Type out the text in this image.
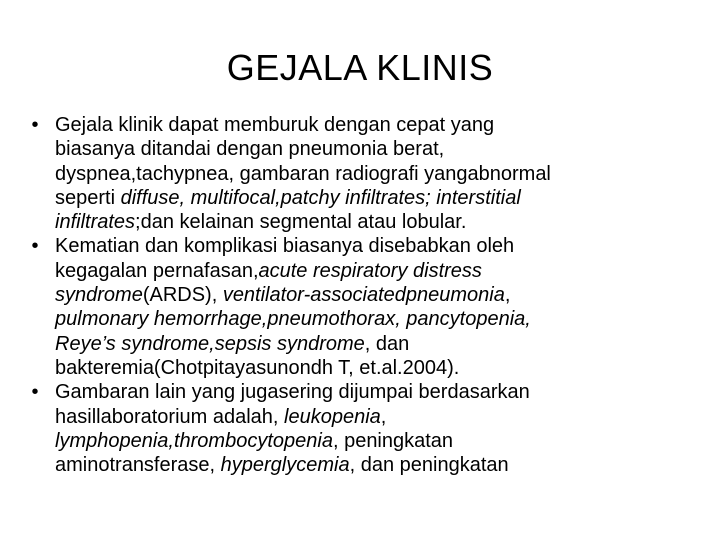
GEJALA KLINIS
• Gejala klinik dapat memburuk dengan cepat yang
biasanya ditandai dengan pneumonia berat,
dyspnea,tachypnea, gambaran radiografi yangabnormal
seperti diffuse, multifocal,patchy infiltrates; interstitial
infiltrates;dan kelainan segmental atau lobular.
• Kematian dan komplikasi biasanya disebabkan oleh
kegagalan pernafasan,acute respiratory distress
syndrome(ARDS), ventilator-associatedpneumonia,
pulmonary hemorrhage,pneumothorax, pancytopenia,
Reye’s syndrome,sepsis syndrome, dan
bakteremia(Chotpitayasunondh T, et.al.2004).
• Gambaran lain yang jugasering dijumpai berdasarkan
hasillaboratorium adalah, leukopenia,
lymphopenia,thrombocytopenia, peningkatan
aminotransferase, hyperglycemia, dan peningkatan
